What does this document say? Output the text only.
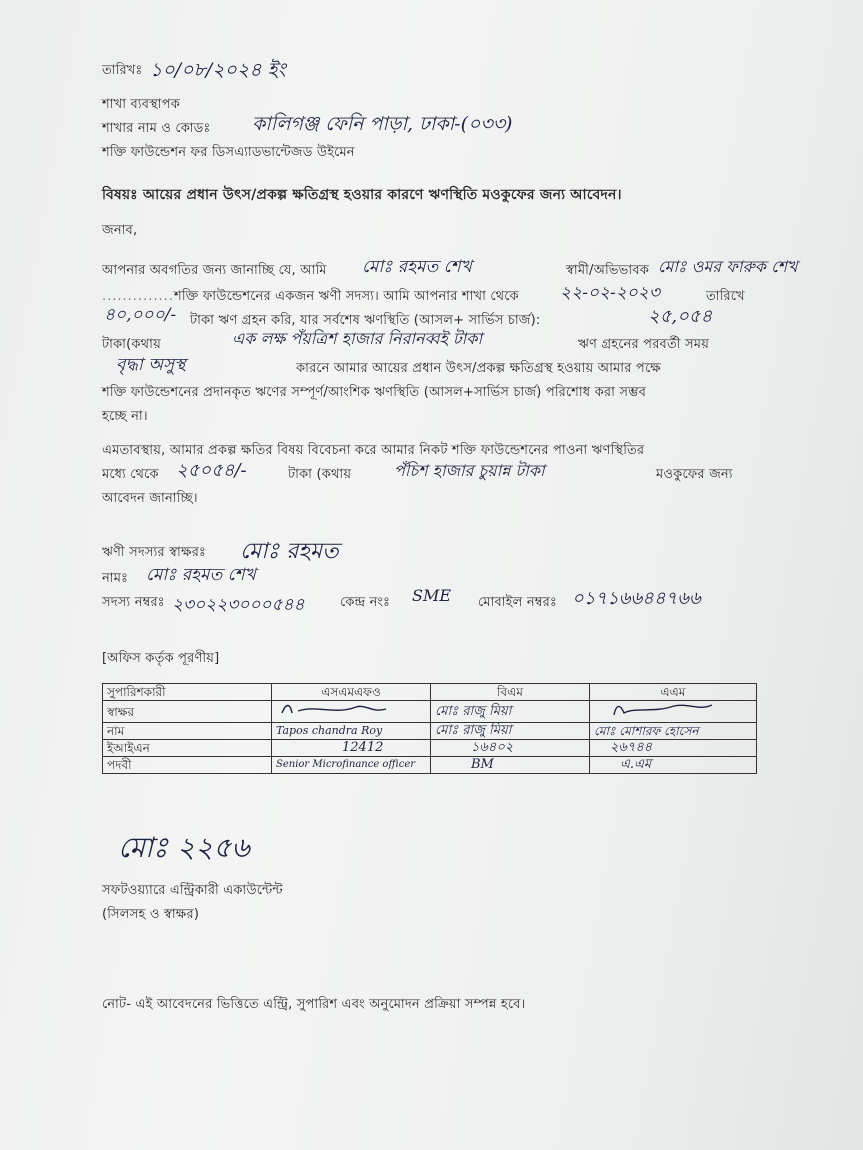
তারিখঃ ১০/০৮/২০২৪ ইং
শাখা ব্যবস্থাপক
শাখার নাম ও কোডঃ কালিগঞ্জ ফেনি পাড়া, ঢাকা-(০৩৩)
শক্তি ফাউন্ডেশন ফর ডিসএ্যাডভান্টেজড উইমেন
বিষয়ঃ আয়ের প্রধান উৎস/প্রকল্প ক্ষতিগ্রস্থ হওয়ার কারণে ঋণস্থিতি মওকুফের জন্য আবেদন।
জনাব,
আপনার অবগতির জন্য জানাচ্ছি যে, আমি মোঃ রহমত শেখ	স্বামী/অভিভাবক মোঃ ওমর ফারুক শেখ
.............. শক্তি ফাউন্ডেশনের একজন ঋণী সদস্য। আমি আপনার শাখা থেকে ২২-০২-২০২৩	তারিখে
৪০,০০০/- টাকা ঋণ গ্রহন করি, যার সর্বশেষ ঋণস্থিতি (আসল+ সার্ভিস চার্জ):	২৫,০৫৪
টাকা(কথায়	এক লক্ষ পঁয়ত্রিশ হাজার নিরানব্বই টাকা	ঋণ গ্রহনের পরবর্তী সময়
বৃদ্ধা অসুস্থ	কারনে আমার আয়ের প্রধান উৎস/প্রকল্প ক্ষতিগ্রস্থ হওয়ায় আমার পক্ষে
শক্তি ফাউন্ডেশনের প্রদানকৃত ঋণের সম্পূর্ণ/আংশিক ঋণস্থিতি (আসল+সার্ভিস চার্জ) পরিশোধ করা সম্ভব
হচ্ছে না।
এমতাবস্থায়, আমার প্রকল্প ক্ষতির বিষয় বিবেচনা করে আমার নিকট শক্তি ফাউন্ডেশনের পাওনা ঋণস্থিতির
মধ্যে থেকে ২৫০৫৪/-	টাকা (কথায়	পঁচিশ হাজার চুয়ান্ন টাকা	মওকুফের জন্য
আবেদন জানাচ্ছি।
ঋণী সদস্যর স্বাক্ষরঃ মোঃ রহমত
নামঃ মোঃ রহমত শেখ
সদস্য নম্বরঃ ২৩০২২৩০০০৫৪৪	কেন্দ্র নংঃ SME মোবাইল নম্বরঃ ০১৭১৬৬৪৪৭৬৬
[অফিস কর্তৃক পূরণীয়]
সুপারিশকারী	এসএমএফও	বিএম	এএম
স্বাক্ষর		মোঃ রাজু মিয়া	
নাম	Tapos chandra Roy	মোঃ রাজু মিয়া	মোঃ মোশারফ হোসেন
ইআইএন	12412	১৬৪০২	২৬৭৪৪
পদবী	Senior Microfinance officer	BM	এ.এম
মোঃ ২২৫৬
সফটওয়্যারে এন্ট্রিকারী একাউন্টেন্ট
(সিলসহ ও স্বাক্ষর)
নোট- এই আবেদনের ভিত্তিতে এন্ট্রি, সুপারিশ এবং অনুমোদন প্রক্রিয়া সম্পন্ন হবে।
